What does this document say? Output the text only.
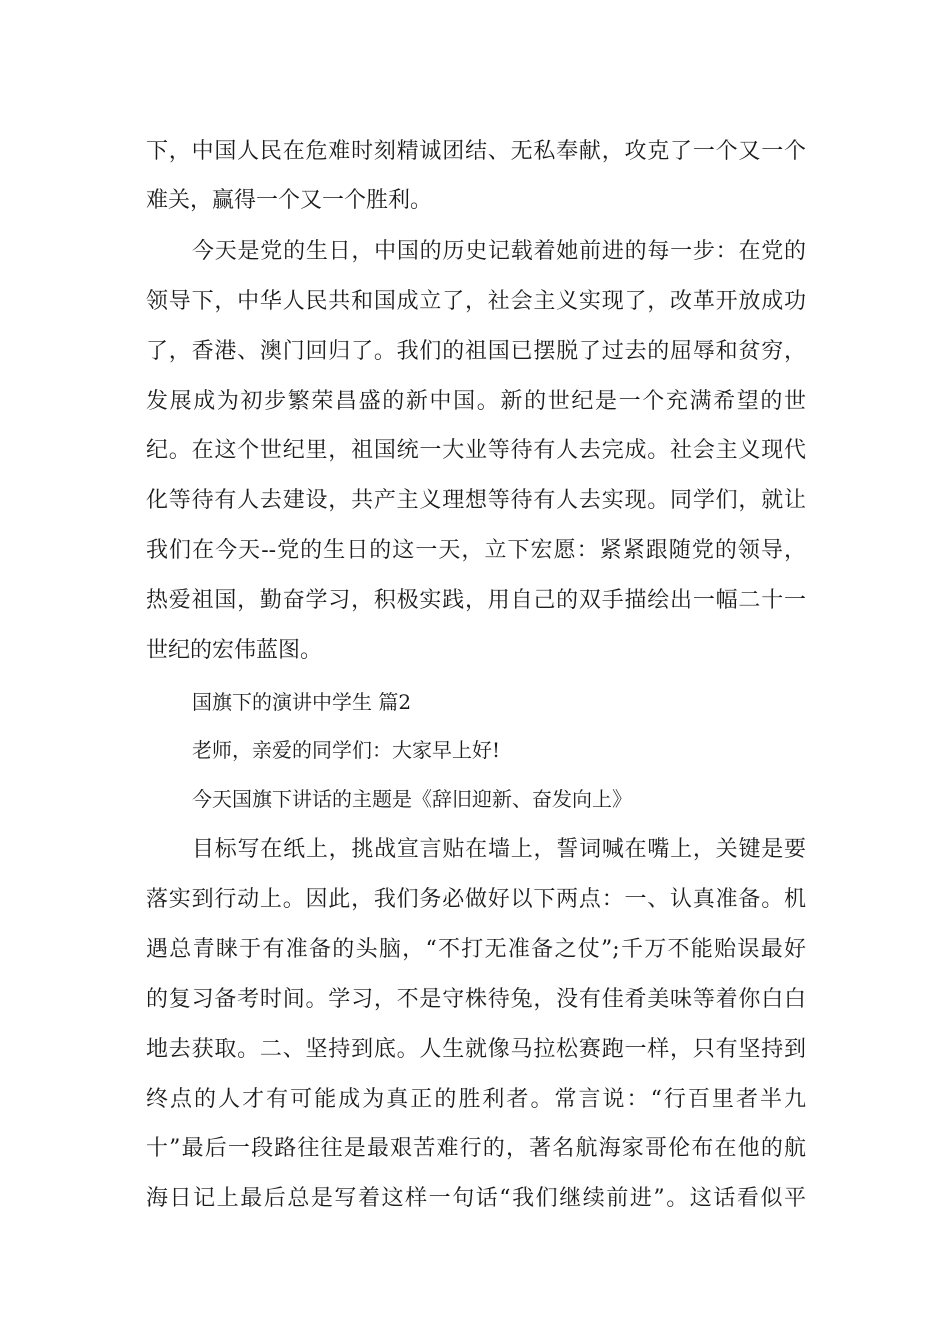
下，中国人民在危难时刻精诚团结、无私奉献，攻克了一个又一个
难关，赢得一个又一个胜利。
今天是党的生日，中国的历史记载着她前进的每一步：在党的
领导下，中华人民共和国成立了，社会主义实现了，改革开放成功
了，香港、澳门回归了。我们的祖国已摆脱了过去的屈辱和贫穷，
发展成为初步繁荣昌盛的新中国。新的世纪是一个充满希望的世
纪。在这个世纪里，祖国统一大业等待有人去完成。社会主义现代
化等待有人去建设，共产主义理想等待有人去实现。同学们，就让
我们在今天--党的生日的这一天，立下宏愿：紧紧跟随党的领导，
热爱祖国，勤奋学习，积极实践，用自己的双手描绘出一幅二十一
世纪的宏伟蓝图。
国旗下的演讲中学生 篇2
老师，亲爱的同学们：大家早上好!
今天国旗下讲话的主题是《辞旧迎新、奋发向上》
目标写在纸上，挑战宣言贴在墙上，誓词喊在嘴上，关键是要
落实到行动上。因此，我们务必做好以下两点：一、认真准备。机
遇总青睐于有准备的头脑，“不打无准备之仗”;千万不能贻误最好
的复习备考时间。学习，不是守株待兔，没有佳肴美味等着你白白
地去获取。二、坚持到底。人生就像马拉松赛跑一样，只有坚持到
终点的人才有可能成为真正的胜利者。常言说：“行百里者半九
十”最后一段路往往是最艰苦难行的，著名航海家哥伦布在他的航
海日记上最后总是写着这样一句话“我们继续前进”。这话看似平
